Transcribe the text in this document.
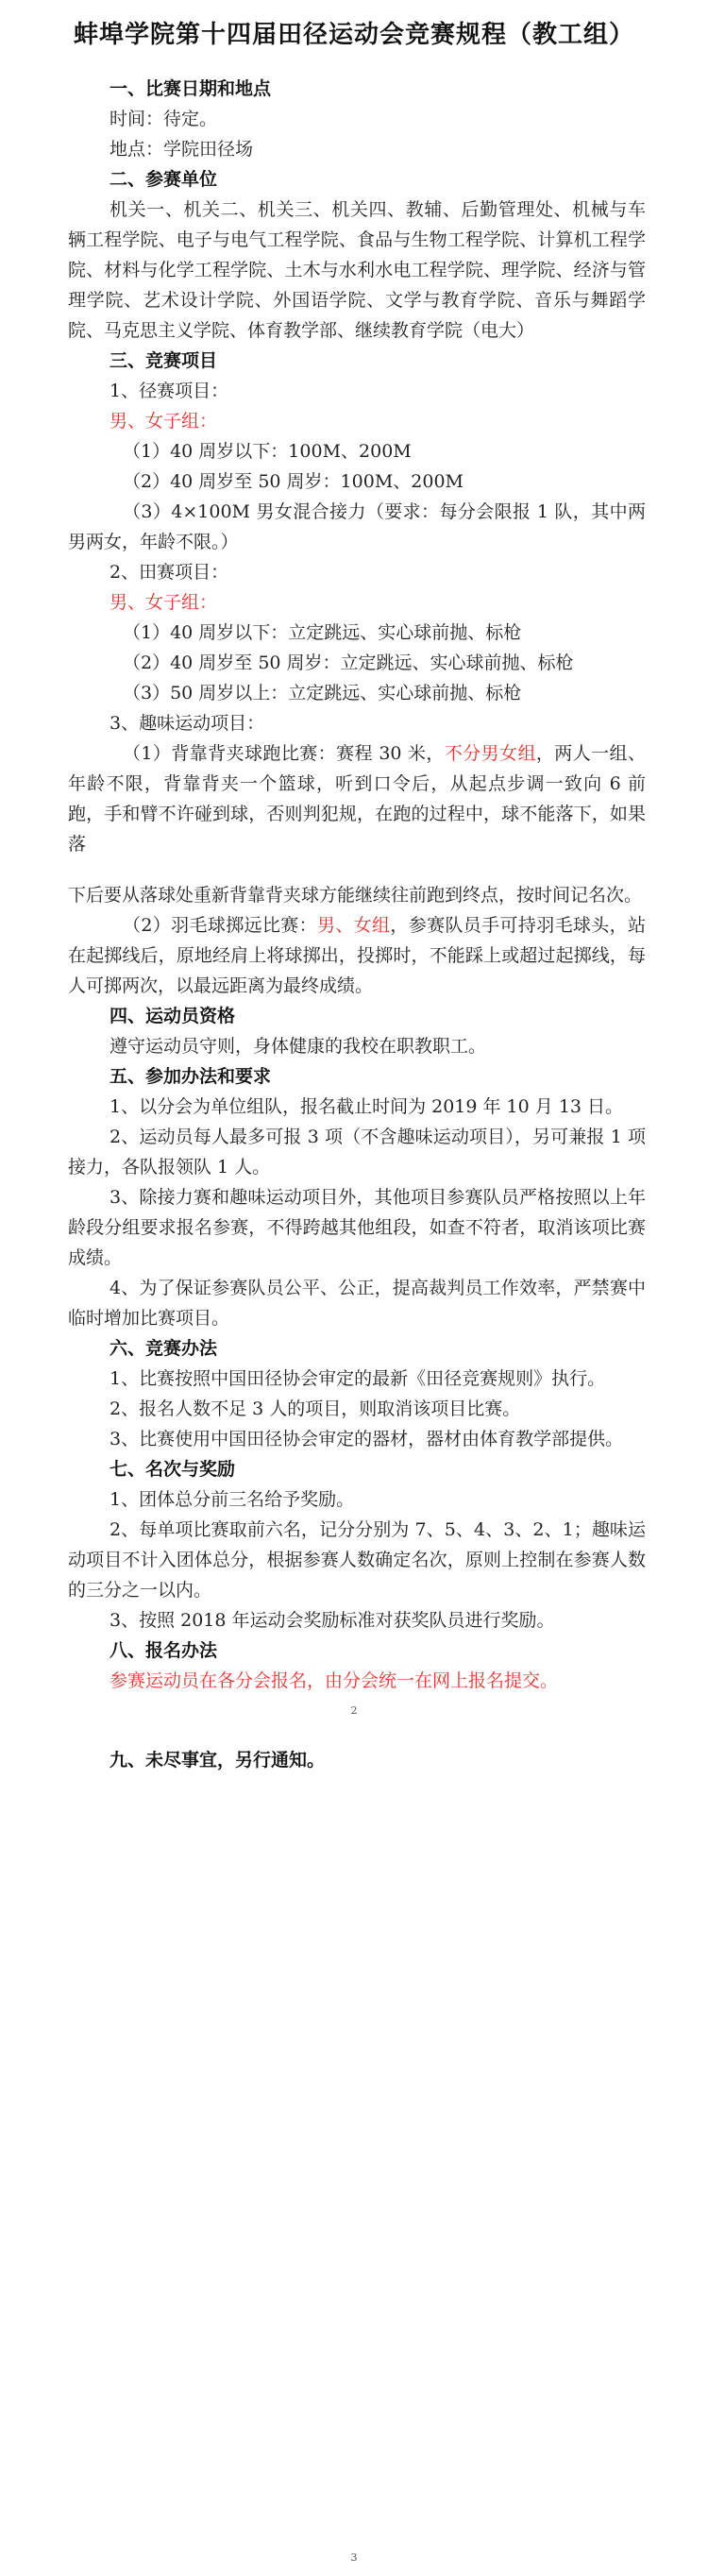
蚌埠学院第十四届田径运动会竞赛规程（教工组）

一、比赛日期和地点

时间：待定。

地点：学院田径场

二、参赛单位

机关一、机关二、机关三、机关四、教辅、后勤管理处、机械与车辆工程学院、电子与电气工程学院、食品与生物工程学院、计算机工程学院、材料与化学工程学院、土木与水利水电工程学院、理学院、经济与管理学院、艺术设计学院、外国语学院、文学与教育学院、音乐与舞蹈学院、马克思主义学院、体育教学部、继续教育学院（电大）

三、竞赛项目

1、径赛项目：

男、女子组：

（1）40 周岁以下：100M、200M

（2）40 周岁至 50 周岁：100M、200M

（3）4×100M 男女混合接力（要求：每分会限报 1 队，其中两男两女，年龄不限。）

2、田赛项目：

男、女子组：

（1）40 周岁以下：立定跳远、实心球前抛、标枪

（2）40 周岁至 50 周岁：立定跳远、实心球前抛、标枪

（3）50 周岁以上：立定跳远、实心球前抛、标枪

3、趣味运动项目：

（1）背靠背夹球跑比赛：赛程 30 米，不分男女组，两人一组、年龄不限，背靠背夹一个篮球，听到口令后，从起点步调一致向 6 前跑，手和臂不许碰到球，否则判犯规，在跑的过程中，球不能落下，如果落

下后要从落球处重新背靠背夹球方能继续往前跑到终点，按时间记名次。

（2）羽毛球掷远比赛：男、女组，参赛队员手可持羽毛球头，站在起掷线后，原地经肩上将球掷出，投掷时，不能踩上或超过起掷线，每人可掷两次，以最远距离为最终成绩。

四、运动员资格

遵守运动员守则，身体健康的我校在职教职工。

五、参加办法和要求

1、以分会为单位组队，报名截止时间为 2019 年 10 月 13 日。

2、运动员每人最多可报 3 项（不含趣味运动项目），另可兼报 1 项接力，各队报领队 1 人。

3、除接力赛和趣味运动项目外，其他项目参赛队员严格按照以上年龄段分组要求报名参赛，不得跨越其他组段，如查不符者，取消该项比赛成绩。

4、为了保证参赛队员公平、公正，提高裁判员工作效率，严禁赛中临时增加比赛项目。

六、竞赛办法

1、比赛按照中国田径协会审定的最新《田径竞赛规则》执行。

2、报名人数不足 3 人的项目，则取消该项目比赛。

3、比赛使用中国田径协会审定的器材，器材由体育教学部提供。

七、名次与奖励

1、团体总分前三名给予奖励。

2、每单项比赛取前六名，记分分别为 7、5、4、3、2、1；趣味运动项目不计入团体总分，根据参赛人数确定名次，原则上控制在参赛人数的三分之一以内。

3、按照 2018 年运动会奖励标准对获奖队员进行奖励。

八、报名办法

参赛运动员在各分会报名，由分会统一在网上报名提交。

2

九、未尽事宜，另行通知。

3
